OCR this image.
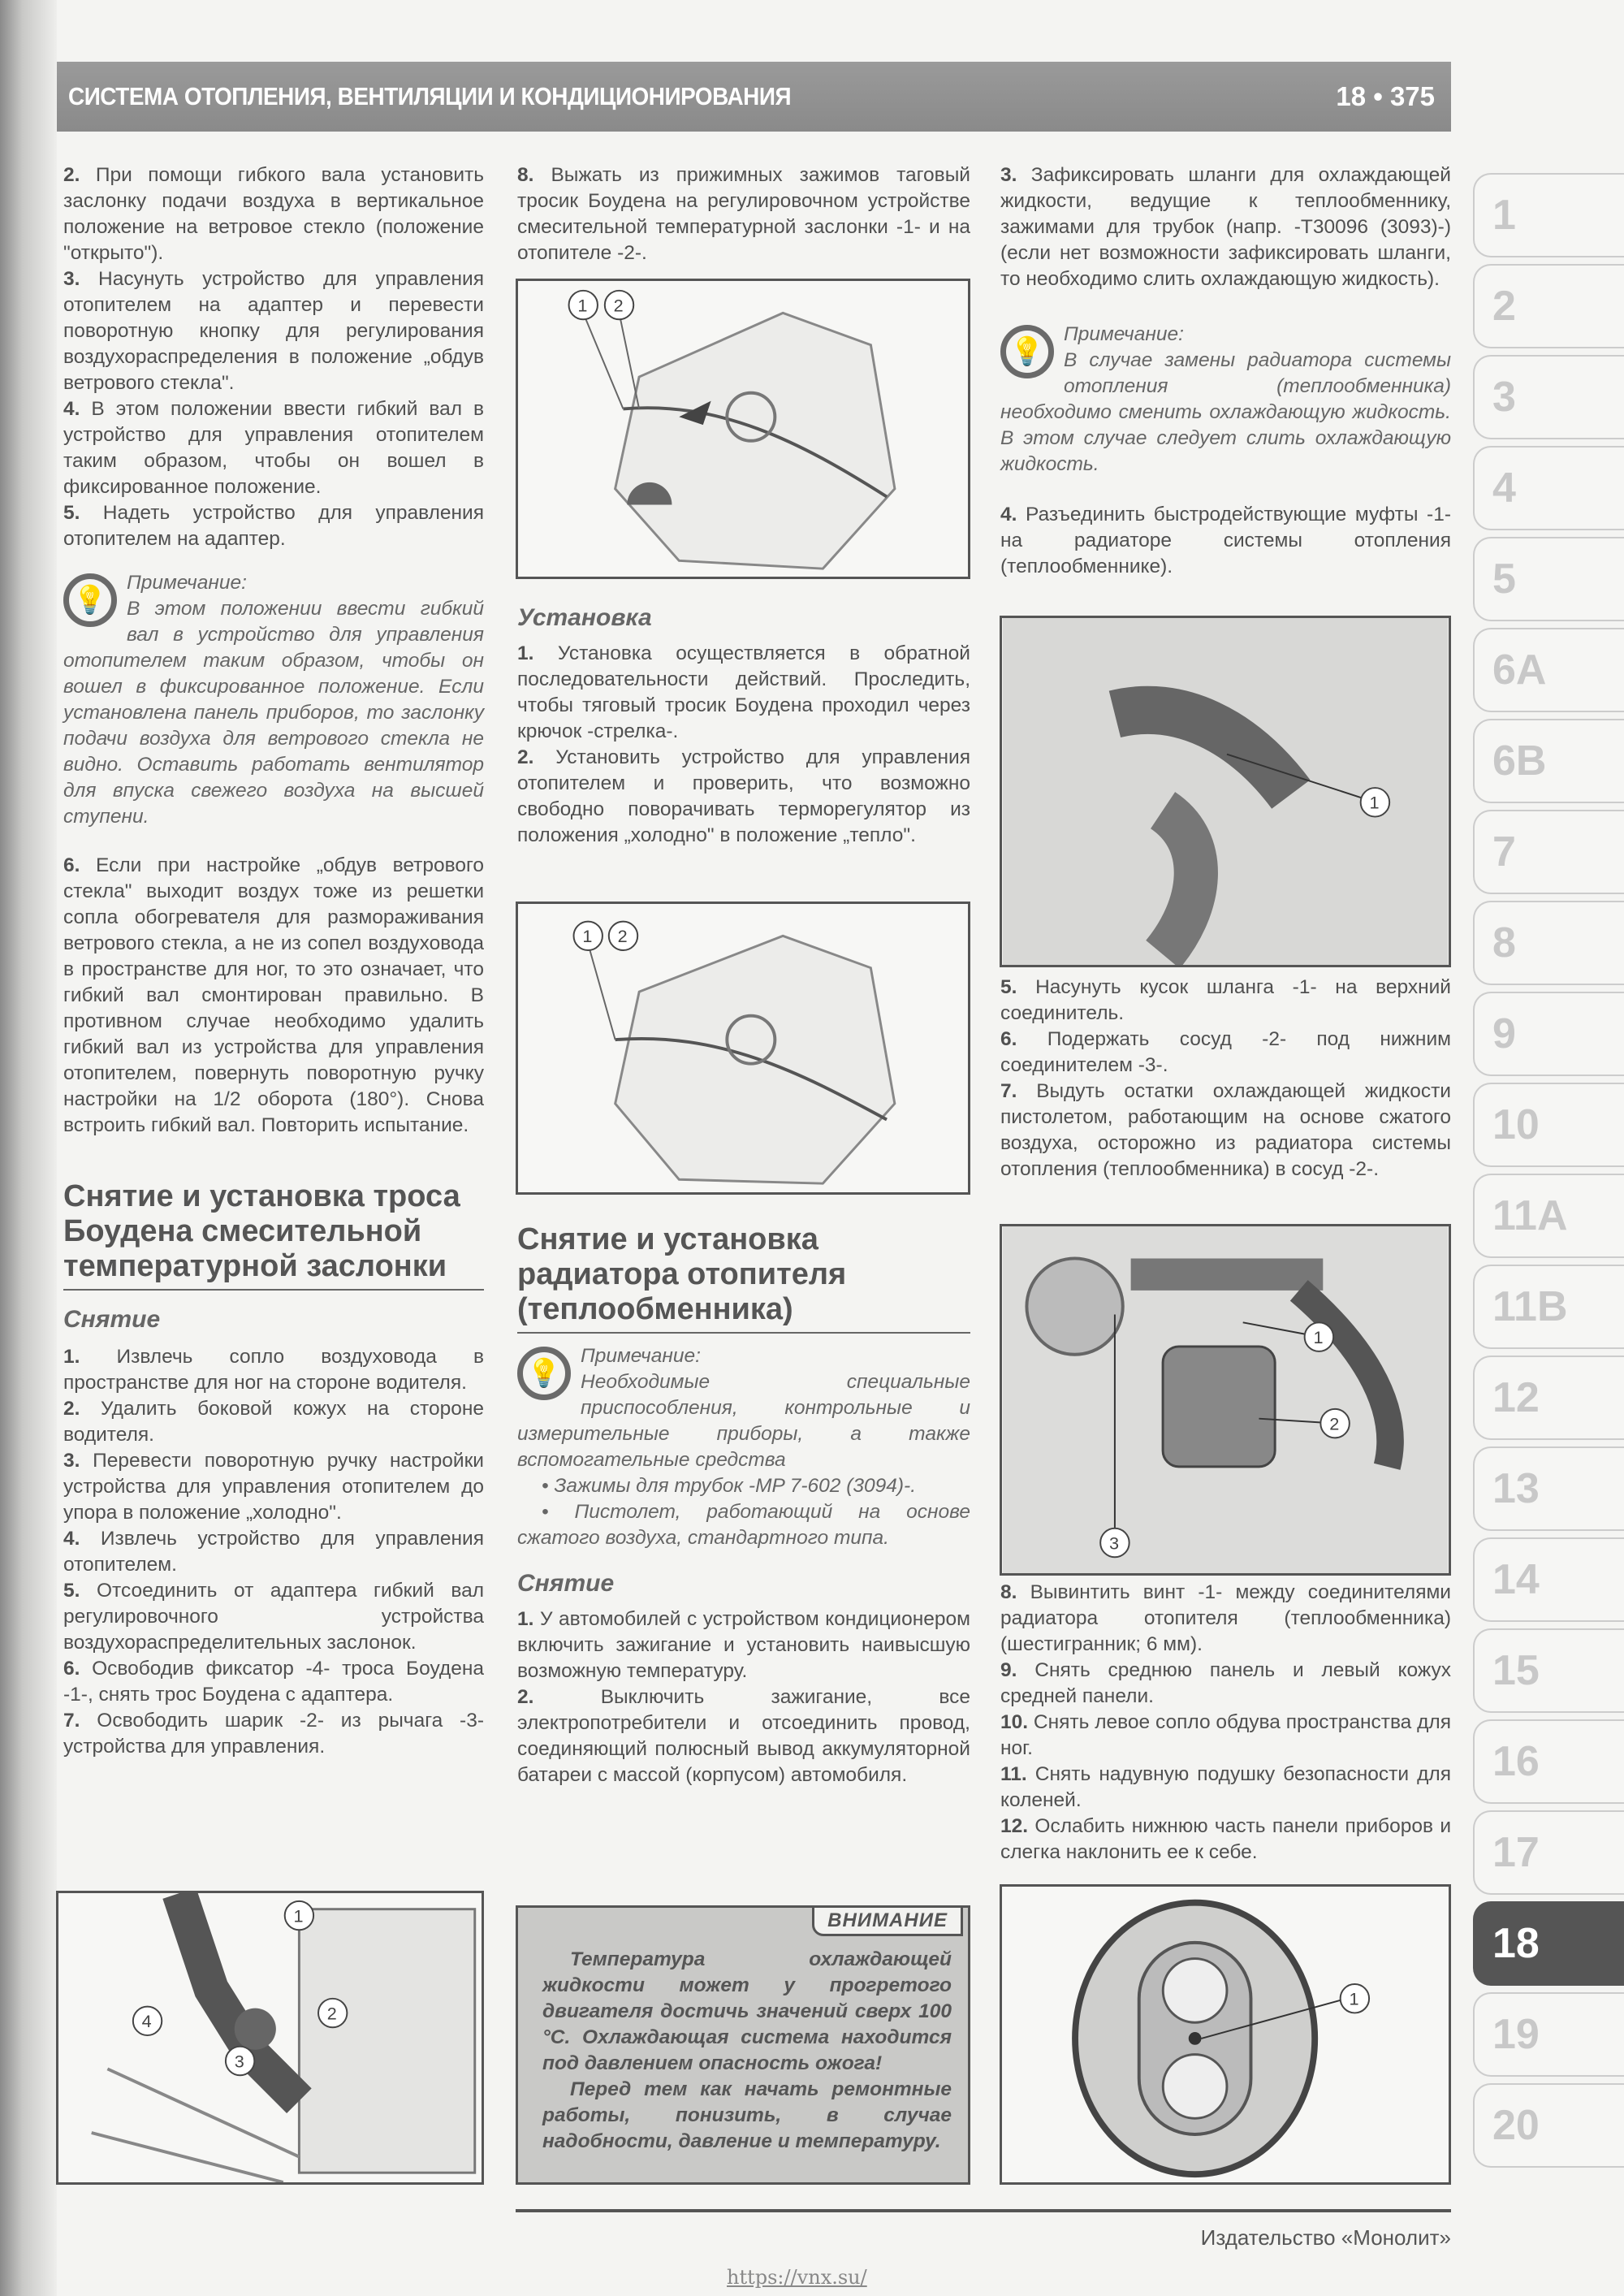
СИСТЕМА ОТОПЛЕНИЯ, ВЕНТИЛЯЦИИ И КОНДИЦИОНИРОВАНИЯ	18 • 375

2. При помощи гибкого вала установить заслонку подачи воздуха в вертикальное положение на ветровое стекло (положение "открыто").

3. Насунуть устройство для управления отопителем на адаптер и перевести поворотную кнопку для регулирования воздухораспределения в положение „обдув ветрового стекла".

4. В этом положении ввести гибкий вал в устройство для управления отопителем таким образом, чтобы он вошел в фиксированное положение.

5. Надеть устройство для управления отопителем на адаптер.

💡
Примечание:
В этом положении ввести гибкий вал в устройство для управления отопителем таким образом, чтобы он вошел в фиксированное положение. Если установлена панель приборов, то заслонку подачи воздуха для ветрового стекла не видно. Оставить работать вентилятор для впуска свежего воздуха на высшей ступени.

6. Если при настройке „обдув ветрового стекла" выходит воздух тоже из решетки сопла обогревателя для размораживания ветрового стекла, а не из сопел воздуховода в пространстве для ног, то это означает, что гибкий вал смонтирован правильно. В противном случае необходимо удалить гибкий вал из устройства для управления отопителем, повернуть поворотную ручку настройки на 1/2 оборота (180°). Снова встроить гибкий вал. Повторить испытание.

Снятие и установка троса Боудена смесительной температурной заслонки

Снятие

1. Извлечь сопло воздуховода в пространстве для ног на стороне водителя.

2. Удалить боковой кожух на стороне водителя.

3. Перевести поворотную ручку настройки устройства для управления отопителем до упора в положение „холодно".

4. Извлечь устройство для управления отопителем.

5. Отсоединить от адаптера гибкий вал регулировочного устройства воздухораспределительных заслонок.

6. Освободив фиксатор -4- троса Боудена -1-, снять трос Боудена с адаптера.

7. Освободить шарик -2- из рычага -3- устройства для управления.

1
2
3
4

8. Выжать из прижимных зажимов таговый тросик Боудена на регулировочном устройстве смесительной температурной заслонки -1- и на отопителе -2-.

1 2

Установка

1. Установка осуществляется в обратной последовательности действий. Проследить, чтобы тяговый тросик Боудена проходил через крючок -стрелка-.

2. Установить устройство для управления отопителем и проверить, что возможно свободно поворачивать терморегулятор из положения „холодно" в положение „тепло".

1 2
Снятие и установка радиатора отопителя (теплообменника)
💡
Примечание:
Необходимые специальные приспособления, контрольные и измерительные приборы, а также вспомогательные средства
• Зажимы для трубок -MP 7-602 (3094)-.
• Пистолет, работающий на основе сжатого воздуха, стандартного типа.

Снятие

1. У автомобилей с устройством кондиционером включить зажигание и установить наивысшую возможную температуру.

2.	Выключить зажигание, все электропотребители и отсоединить провод, соединяющий полюсный вывод аккумуляторной батареи с массой (корпусом) автомобиля.

ВНИМАНИЕ

Температура охлаждающей жидкости может у прогретого двигателя достичь значений сверх 100 °С. Охлаждающая система находится под давлением опасность ожога!

Перед тем как начать ремонтные работы, понизить, в случае надобности, давление и температуру.

3. Зафиксировать шланги для охлаждающей жидкости, ведущие к теплообменнику, зажимами для трубок (напр. -T30096 (3093)-) (если нет возможности зафиксировать шланги, то необходимо слить охлаждающую жидкость).

💡
Примечание:
В случае замены радиатора системы отопления (теплообменника) необходимо сменить охлаждающую жидкость. В этом случае следует слить охлаждающую жидкость.

4. Разъединить быстродействующие муфты -1- на радиаторе системы отопления (теплообменнике).

1

5. Насунуть кусок шланга -1- на верхний соединитель.

6. Подержать сосуд -2- под нижним соединителем -3-.

7. Выдуть остатки охлаждающей жидкости пистолетом, работающим на основе сжатого воздуха, осторожно из радиатора системы отопления (теплообменника) в сосуд -2-.

1
2
3

8. Вывинтить винт -1- между соединителями радиатора отопителя (теплообменника) (шестигранник; 6 мм).

9. Снять среднюю панель и левый кожух средней панели.

10. Снять левое сопло обдува пространства для ног.

11. Снять надувную подушку безопасности для коленей.

12. Ослабить нижнюю часть панели приборов и слегка наклонить ее к себе.

1
1
2
3
4
5
6A
6B
7
8
9
10
11A
11B
12
13
14
15
16
17
18
19
20
Издательство «Монолит»
https://vnx.su/
